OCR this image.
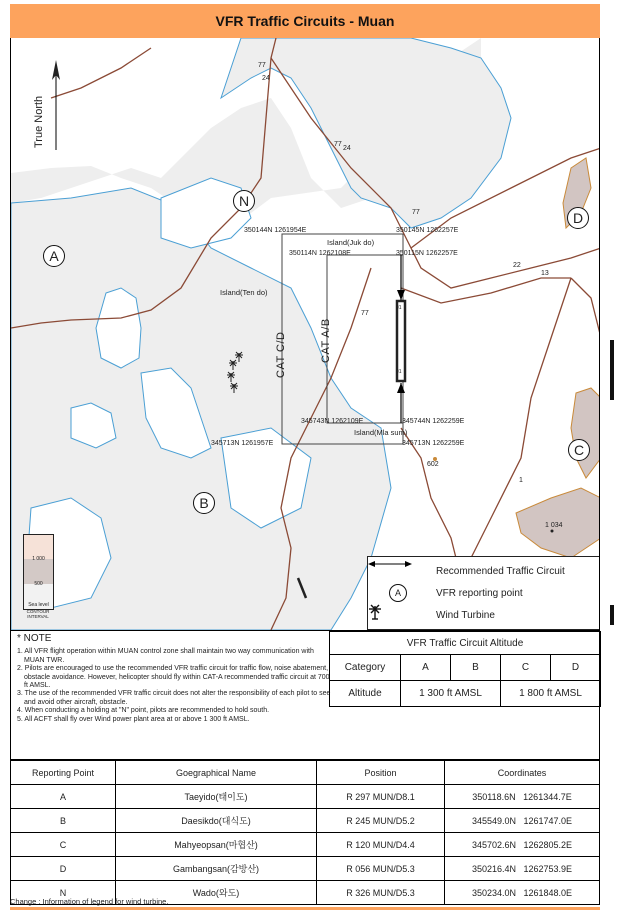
VFR Traffic Circuits - Muan
77
24
77
24
77
77
22
13
1
True North
350144N 1261954E	350145N 1262257E
350114N 1262108E	350115N 1262257E
345743N 1262109E	345744N 1262259E
345713N 1261957E	345713N 1262259E
Island(Juk do)
Island(Ten do)
Island(Mla sum)
602
1 034
01
01
CAT C/D	CAT A/B
A
B
C
D
N
1 000
500
Sea level
CONTOUR INTERVAL
Recommended Traffic Circuit
A	VFR reporting point
Wind Turbine
* NOTE
1. All VFR flight operation within MUAN control zone shall maintain two way communication with MUAN TWR.
2. Pilots are encouraged to use the recommended VFR traffic circuit for traffic flow, noise abatement, obstacle avoidance. However, helicopter should fly within CAT-A recommended traffic circuit at 700 ft AMSL.
3. The use of the recommended VFR traffic circuit does not alter the responsibility of each pilot to see and avoid other aircraft, obstacle.
4. When conducting a holding at "N" point, pilots are recommended to hold south.
5. All ACFT shall fly over Wind power plant area at or above 1 300 ft AMSL.
VFR Traffic Circuit Altitude				
Category	A	B	C	D
Altitude	1 300 ft AMSL		1 800 ft AMSL	
Reporting Point	Goegraphical Name	Position	Coordinates
A	Taeyido(태이도)	R 297 MUN/D8.1	350118.6N 1261344.7E
B	Daesikdo(대식도)	R 245 MUN/D5.2	345549.0N 1261747.0E
C	Mahyeopsan(마협산)	R 120 MUN/D4.4	345702.6N 1262805.2E
D	Gambangsan(감방산)	R 056 MUN/D5.3	350216.4N 1262753.9E
N	Wado(와도)	R 326 MUN/D5.3	350234.0N 1261848.0E
Change : Information of legend for wind turbine.
